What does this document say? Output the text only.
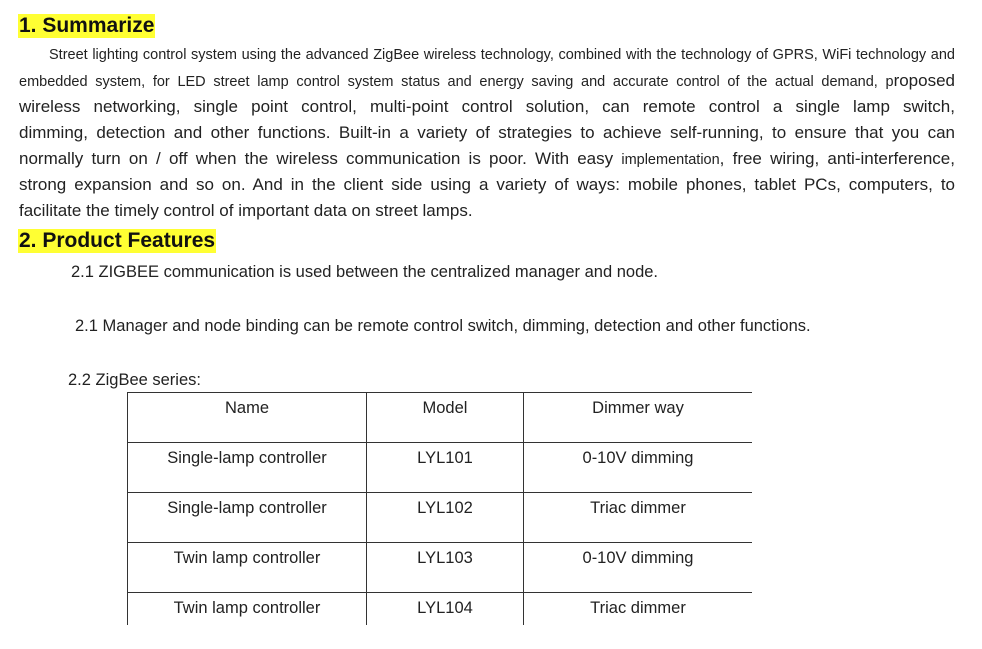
1. Summarize
Street lighting control system using the advanced ZigBee wireless technology, combined with the technology of GPRS, WiFi technology and
embedded system, for LED street lamp control system status and energy saving and accurate control of the actual demand, proposed
wireless networking, single point control, multi-point control solution, can remote control a single lamp switch,
dimming, detection and other functions. Built-in a variety of strategies to achieve self-running, to ensure that you can
normally turn on / off when the wireless communication is poor. With easy implementation, free wiring, anti-interference,
strong expansion and so on. And in the client side using a variety of ways: mobile phones, tablet PCs, computers, to
facilitate the timely control of important data on street lamps.
2. Product Features
2.1 ZIGBEE communication is used between the centralized manager and node.
2.1 Manager and node binding can be remote control switch, dimming, detection and other functions.
2.2 ZigBee series:
Name	Model	Dimmer way
Single-lamp controller	LYL101	0-10V dimming
Single-lamp controller	LYL102	Triac dimmer
Twin lamp controller	LYL103	0-10V dimming
Twin lamp controller	LYL104	Triac dimmer
